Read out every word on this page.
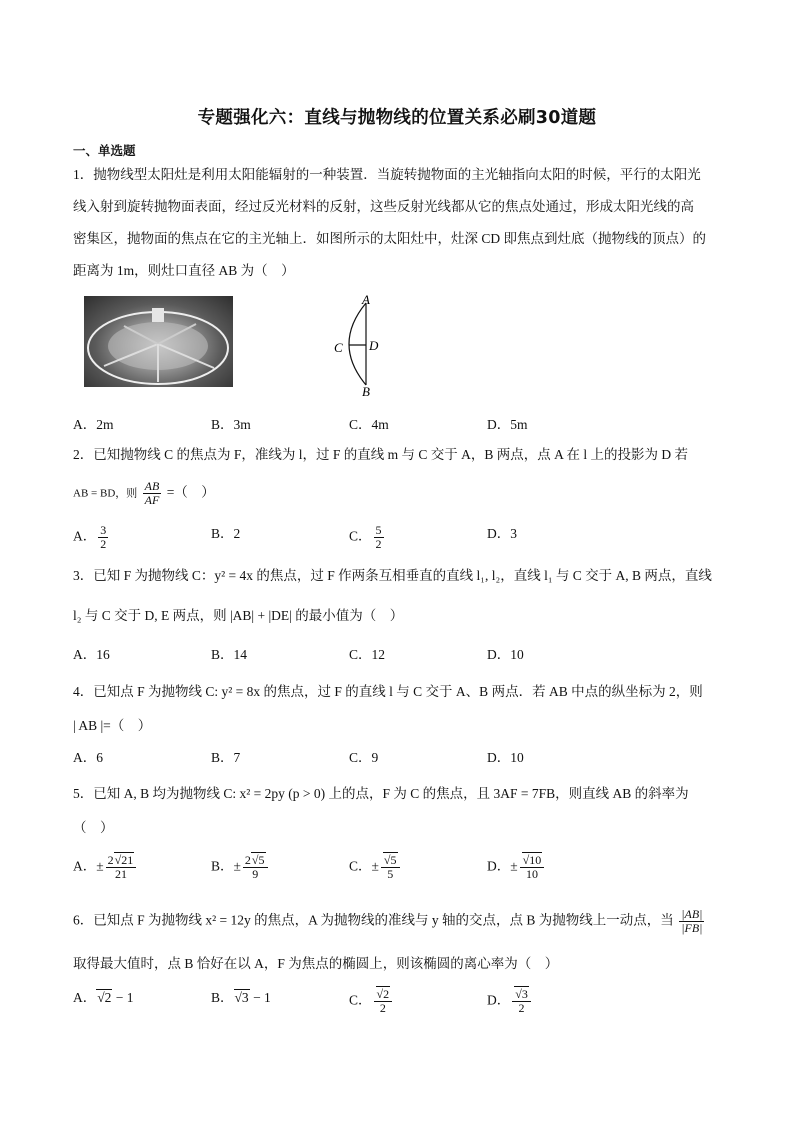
专题强化六：直线与抛物线的位置关系必刷30道题
一、单选题
1．抛物线型太阳灶是利用太阳能辐射的一种装置．当旋转抛物面的主光轴指向太阳的时候，平行的太阳光
线入射到旋转抛物面表面，经过反光材料的反射，这些反射光线都从它的焦点处通过，形成太阳光线的高
密集区，抛物面的焦点在它的主光轴上．如图所示的太阳灶中，灶深 CD 即焦点到灶底（抛物线的顶点）的
距离为 1m，则灶口直径 AB 为（　）
A
C D
B
A．2m	B．3m	C．4m	D．5m
2．已知抛物线 C 的焦点为 F，准线为 l，过 F 的直线 m 与 C 交于 A，B 两点，点 A 在 l 上的投影为 D 若
AB = BD，则 $\frac{AB}{AF}$ =（　）
A． $\frac{3}{2}$	B．2	C． $\frac{5}{2}$	D．3
3．已知 F 为抛物线 C：y² = 4x 的焦点，过 F 作两条互相垂直的直线 l₁, l₂，直线 l₁ 与 C 交于 A, B 两点，直线
l₂ 与 C 交于 D, E 两点，则 |AB| + |DE| 的最小值为（　）
A．16	B．14	C．12	D．10
4．已知点 F 为抛物线 C: y² = 8x 的焦点，过 F 的直线 l 与 C 交于 A、B 两点．若 AB 中点的纵坐标为 2，则
| AB |=（　）
A．6	B．7	C．9	D．10
5．已知 A, B 均为抛物线 C: x² = 2py (p > 0) 上的点，F 为 C 的焦点，且 3AF = 7FB，则直线 AB 的斜率为
（　）
A．± $\frac{2√21}{21}$	B．± $\frac{2√5}{9}$	C．± $\frac{√5}{5}$	D．± $\frac{√10}{10}$
6．已知点 F 为抛物线 x² = 12y 的焦点，A 为抛物线的准线与 y 轴的交点，点 B 为抛物线上一动点，当 $\frac{|AB|}{|FB|}$
取得最大值时，点 B 恰好在以 A，F 为焦点的椭圆上，则该椭圆的离心率为（　）
A．√2 − 1	B．√3 − 1	C． $\frac{√2}{2}$	D． $\frac{√3}{2}$
